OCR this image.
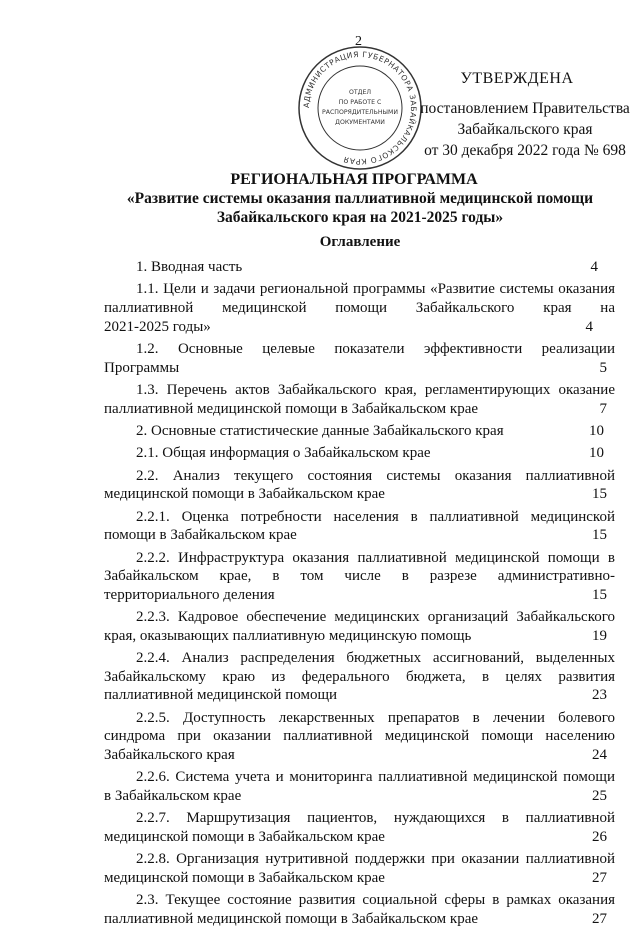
2
АДМИНИСТРАЦИЯ ГУБЕРНАТОРА ЗАБАЙКАЛЬСКОГО КРАЯ
ОТДЕЛ
ПО РАБОТЕ С
РАСПОРЯДИТЕЛЬНЫМИ
ДОКУМЕНТАМИ
УТВЕРЖДЕНА
постановлением Правительства
Забайкальского края
от 30 декабря 2022 года № 698
РЕГИОНАЛЬНАЯ ПРОГРАММА
«Развитие системы оказания паллиативной медицинской помощи
Забайкальского края на 2021-2025 годы»
Оглавление
1. Вводная часть	4
1.1. Цели и задачи региональной программы «Развитие системы оказания паллиативной медицинской помощи Забайкальского края на
2021-2025 годы»	4
1.2. Основные целевые показатели эффективности реализации
Программы	5
1.3. Перечень актов Забайкальского края, регламентирующих оказание
паллиативной медицинской помощи в Забайкальском крае	7
2. Основные статистические данные Забайкальского края	10
2.1. Общая информация о Забайкальском крае	10
2.2. Анализ текущего состояния системы оказания паллиативной
медицинской помощи в Забайкальском крае	15
2.2.1. Оценка потребности населения в паллиативной медицинской
помощи в Забайкальском крае	15
2.2.2. Инфраструктура оказания паллиативной медицинской помощи в Забайкальском крае, в том числе в разрезе административно-
территориального деления	15
2.2.3. Кадровое обеспечение медицинских организаций Забайкальского
края, оказывающих паллиативную медицинскую помощь	19
2.2.4. Анализ распределения бюджетных ассигнований, выделенных Забайкальскому краю из федерального бюджета, в целях развития
паллиативной медицинской помощи	23
2.2.5. Доступность лекарственных препаратов в лечении болевого синдрома при оказании паллиативной медицинской помощи населению
Забайкальского края	24
2.2.6. Система учета и мониторинга паллиативной медицинской помощи
в Забайкальском крае	25
2.2.7. Маршрутизация пациентов, нуждающихся в паллиативной
медицинской помощи в Забайкальском крае	26
2.2.8. Организация нутритивной поддержки при оказании паллиативной
медицинской помощи в Забайкальском крае	27
2.3. Текущее состояние развития социальной сферы в рамках оказания
паллиативной медицинской помощи в Забайкальском крае	27
